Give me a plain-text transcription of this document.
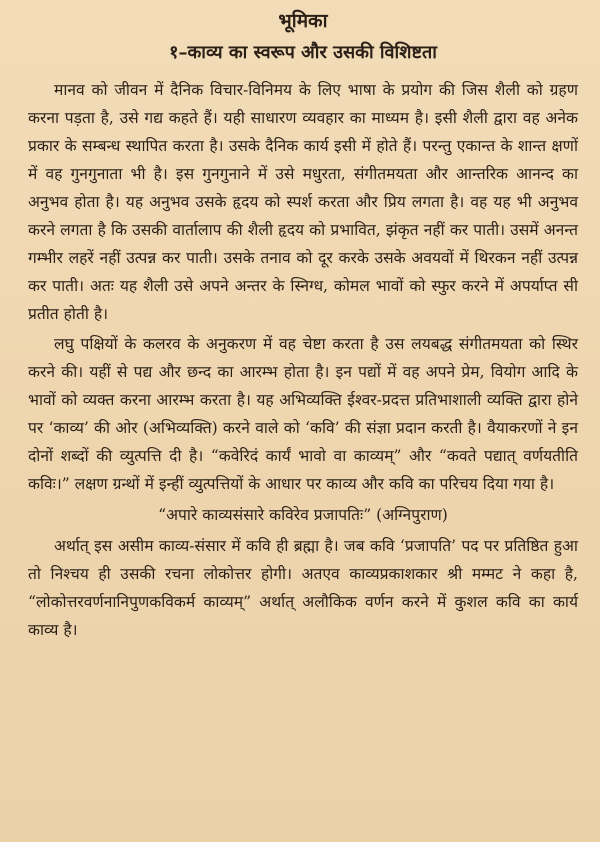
भूमिका
१–काव्य का स्वरूप और उसकी विशिष्टता

मानव को जीवन में दैनिक विचार-विनिमय के लिए भाषा के प्रयोग की जिस शैली को ग्रहण करना पड़ता है, उसे गद्य कहते हैं। यही साधारण व्यवहार का माध्यम है। इसी शैली द्वारा वह अनेक प्रकार के सम्बन्ध स्थापित करता है। उसके दैनिक कार्य इसी में होते हैं। परन्तु एकान्त के शान्त क्षणों में वह गुनगुनाता भी है। इस गुनगुनाने में उसे मधुरता, संगीतमयता और आन्तरिक आनन्द का अनुभव होता है। यह अनुभव उसके हृदय को स्पर्श करता और प्रिय लगता है। वह यह भी अनुभव करने लगता है कि उसकी वार्तालाप की शैली हृदय को प्रभावित, झंकृत नहीं कर पाती। उसमें अनन्त गम्भीर लहरें नहीं उत्पन्न कर पाती। उसके तनाव को दूर करके उसके अवयवों में थिरकन नहीं उत्पन्न कर पाती। अतः यह शैली उसे अपने अन्तर के स्निग्ध, कोमल भावों को स्फुर करने में अपर्याप्त सी प्रतीत होती है।

लघु पक्षियों के कलरव के अनुकरण में वह चेष्टा करता है उस लयबद्ध संगीतमयता को स्थिर करने की। यहीं से पद्य और छन्द का आरम्भ होता है। इन पद्यों में वह अपने प्रेम, वियोग आदि के भावों को व्यक्त करना आरम्भ करता है। यह अभिव्यक्ति ईश्वर-प्रदत्त प्रतिभाशाली व्यक्ति द्वारा होने पर ‘काव्य’ की ओर (अभिव्यक्ति) करने वाले को ‘कवि’ की संज्ञा प्रदान करती है। वैयाकरणों ने इन दोनों शब्दों की व्युत्पत्ति दी है। “कवेरिदं कार्यं भावो वा काव्यम्” और “कवते पद्यात् वर्णयतीति कविः।” लक्षण ग्रन्थों में इन्हीं व्युत्पत्तियों के आधार पर काव्य और कवि का परिचय दिया गया है।

“अपारे काव्यसंसारे कविरेव प्रजापतिः” (अग्निपुराण)

अर्थात् इस असीम काव्य-संसार में कवि ही ब्रह्मा है। जब कवि ‘प्रजापति’ पद पर प्रतिष्ठित हुआ तो निश्चय ही उसकी रचना लोकोत्तर होगी। अतएव काव्यप्रकाशकार श्री मम्मट ने कहा है, “लोकोत्तरवर्णनानिपुणकविकर्म काव्यम्” अर्थात् अलौकिक वर्णन करने में कुशल कवि का कार्य काव्य है।
